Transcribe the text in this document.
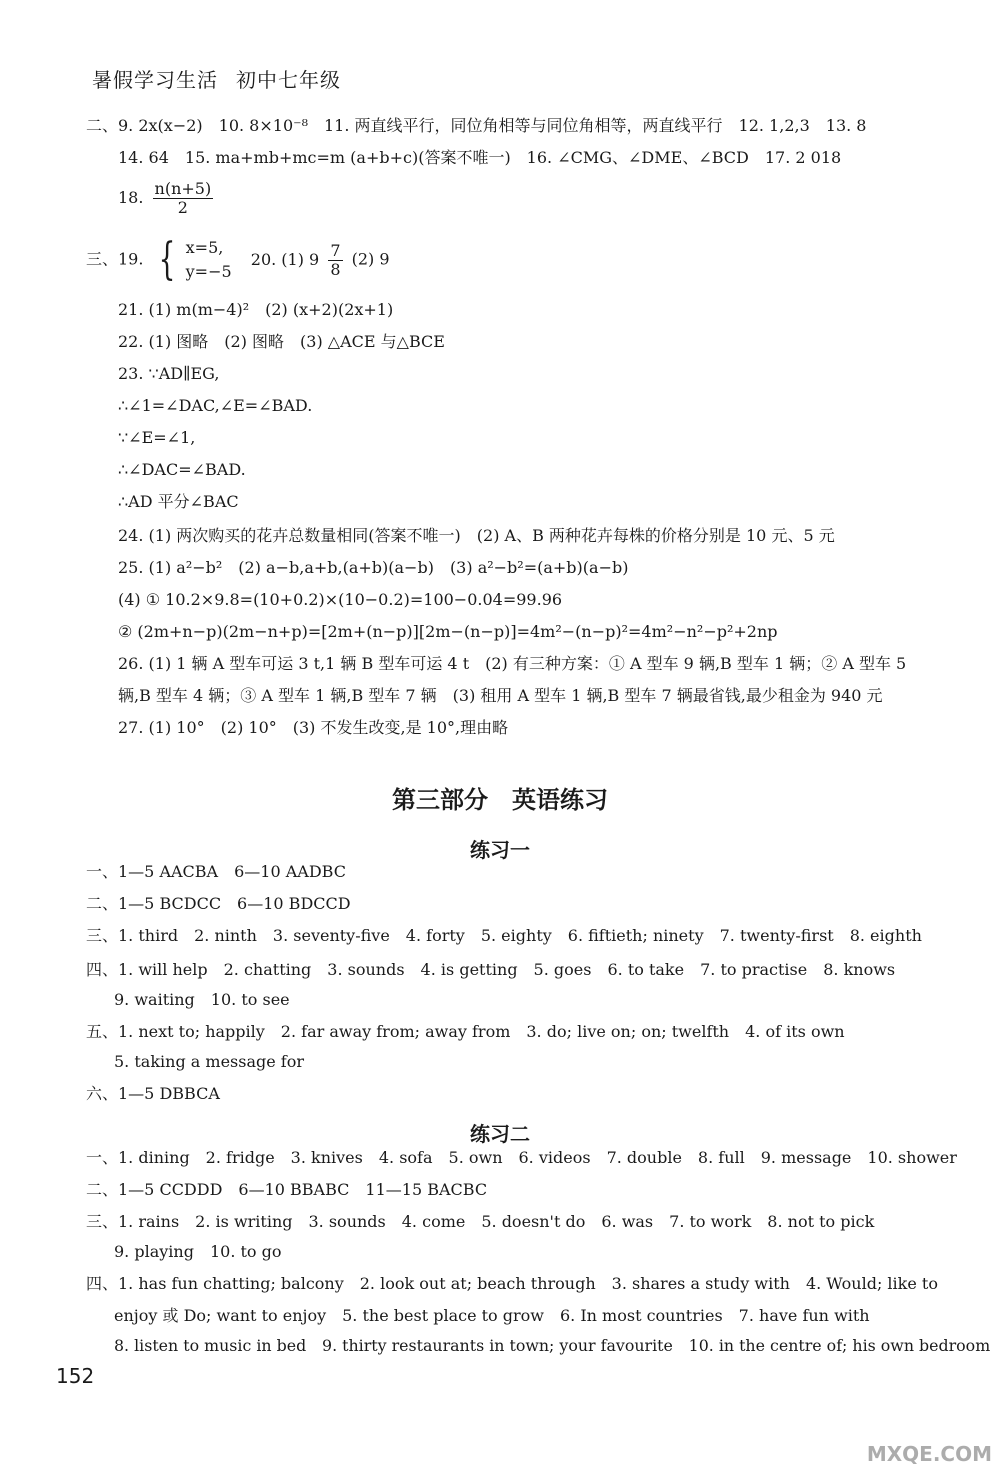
暑假学习生活 初中七年级
二、9. 2x(x−2)　10. 8×10⁻⁸　11. 两直线平行，同位角相等与同位角相等，两直线平行　12. 1,2,3　13. 8
14. 64　15. ma+mb+mc=m (a+b+c)(答案不唯一)　16. ∠CMG、∠DME、∠BCD　17. 2 018
18. $\frac{n(n+5)}{2}$
三、19. { x=5,
y=−5
20. (1) $9 \frac{7}{8} (2)$ 9
21. (1) m(m−4)²　(2) (x+2)(2x+1)
22. (1) 图略　(2) 图略　(3) △ACE 与△BCE
23. ∵AD∥EG,
∴∠1=∠DAC,∠E=∠BAD.
∵∠E=∠1,
∴∠DAC=∠BAD.
∴AD 平分∠BAC
24. (1) 两次购买的花卉总数量相同(答案不唯一)　(2) A、B 两种花卉每株的价格分别是 10 元、5 元
25. (1) a²−b²　(2) a−b,a+b,(a+b)(a−b)　(3) a²−b²=(a+b)(a−b)
(4) ① 10.2×9.8=(10+0.2)×(10−0.2)=100−0.04=99.96
② (2m+n−p)(2m−n+p)=[2m+(n−p)][2m−(n−p)]=4m²−(n−p)²=4m²−n²−p²+2np
26. (1) 1 辆 A 型车可运 3 t,1 辆 B 型车可运 4 t　(2) 有三种方案：① A 型车 9 辆,B 型车 1 辆；② A 型车 5
辆,B 型车 4 辆；③ A 型车 1 辆,B 型车 7 辆　(3) 租用 A 型车 1 辆,B 型车 7 辆最省钱,最少租金为 940 元
27. (1) 10°　(2) 10°　(3) 不发生改变,是 10°,理由略
第三部分　英语练习
练习一
一、1—5 AACBA　6—10 AADBC
二、1—5 BCDCC　6—10 BDCCD
三、1. third　2. ninth　3. seventy-five　4. forty　5. eighty　6. fiftieth; ninety　7. twenty-first　8. eighth
四、1. will help　2. chatting　3. sounds　4. is getting　5. goes　6. to take　7. to practise　8. knows
9. waiting　10. to see
五、1. next to; happily　2. far away from; away from　3. do; live on; on; twelfth　4. of its own
5. taking a message for
六、1—5 DBBCA
练习二
一、1. dining　2. fridge　3. knives　4. sofa　5. own　6. videos　7. double　8. full　9. message　10. shower
二、1—5 CCDDD　6—10 BBABC　11—15 BACBC
三、1. rains　2. is writing　3. sounds　4. come　5. doesn't do　6. was　7. to work　8. not to pick
9. playing　10. to go
四、1. has fun chatting; balcony　2. look out at; beach through　3. shares a study with　4. Would; like to
enjoy 或 Do; want to enjoy　5. the best place to grow　6. In most countries　7. have fun with
8. listen to music in bed　9. thirty restaurants in town; your favourite　10. in the centre of; his own bedroom
152
MXQE.COM
